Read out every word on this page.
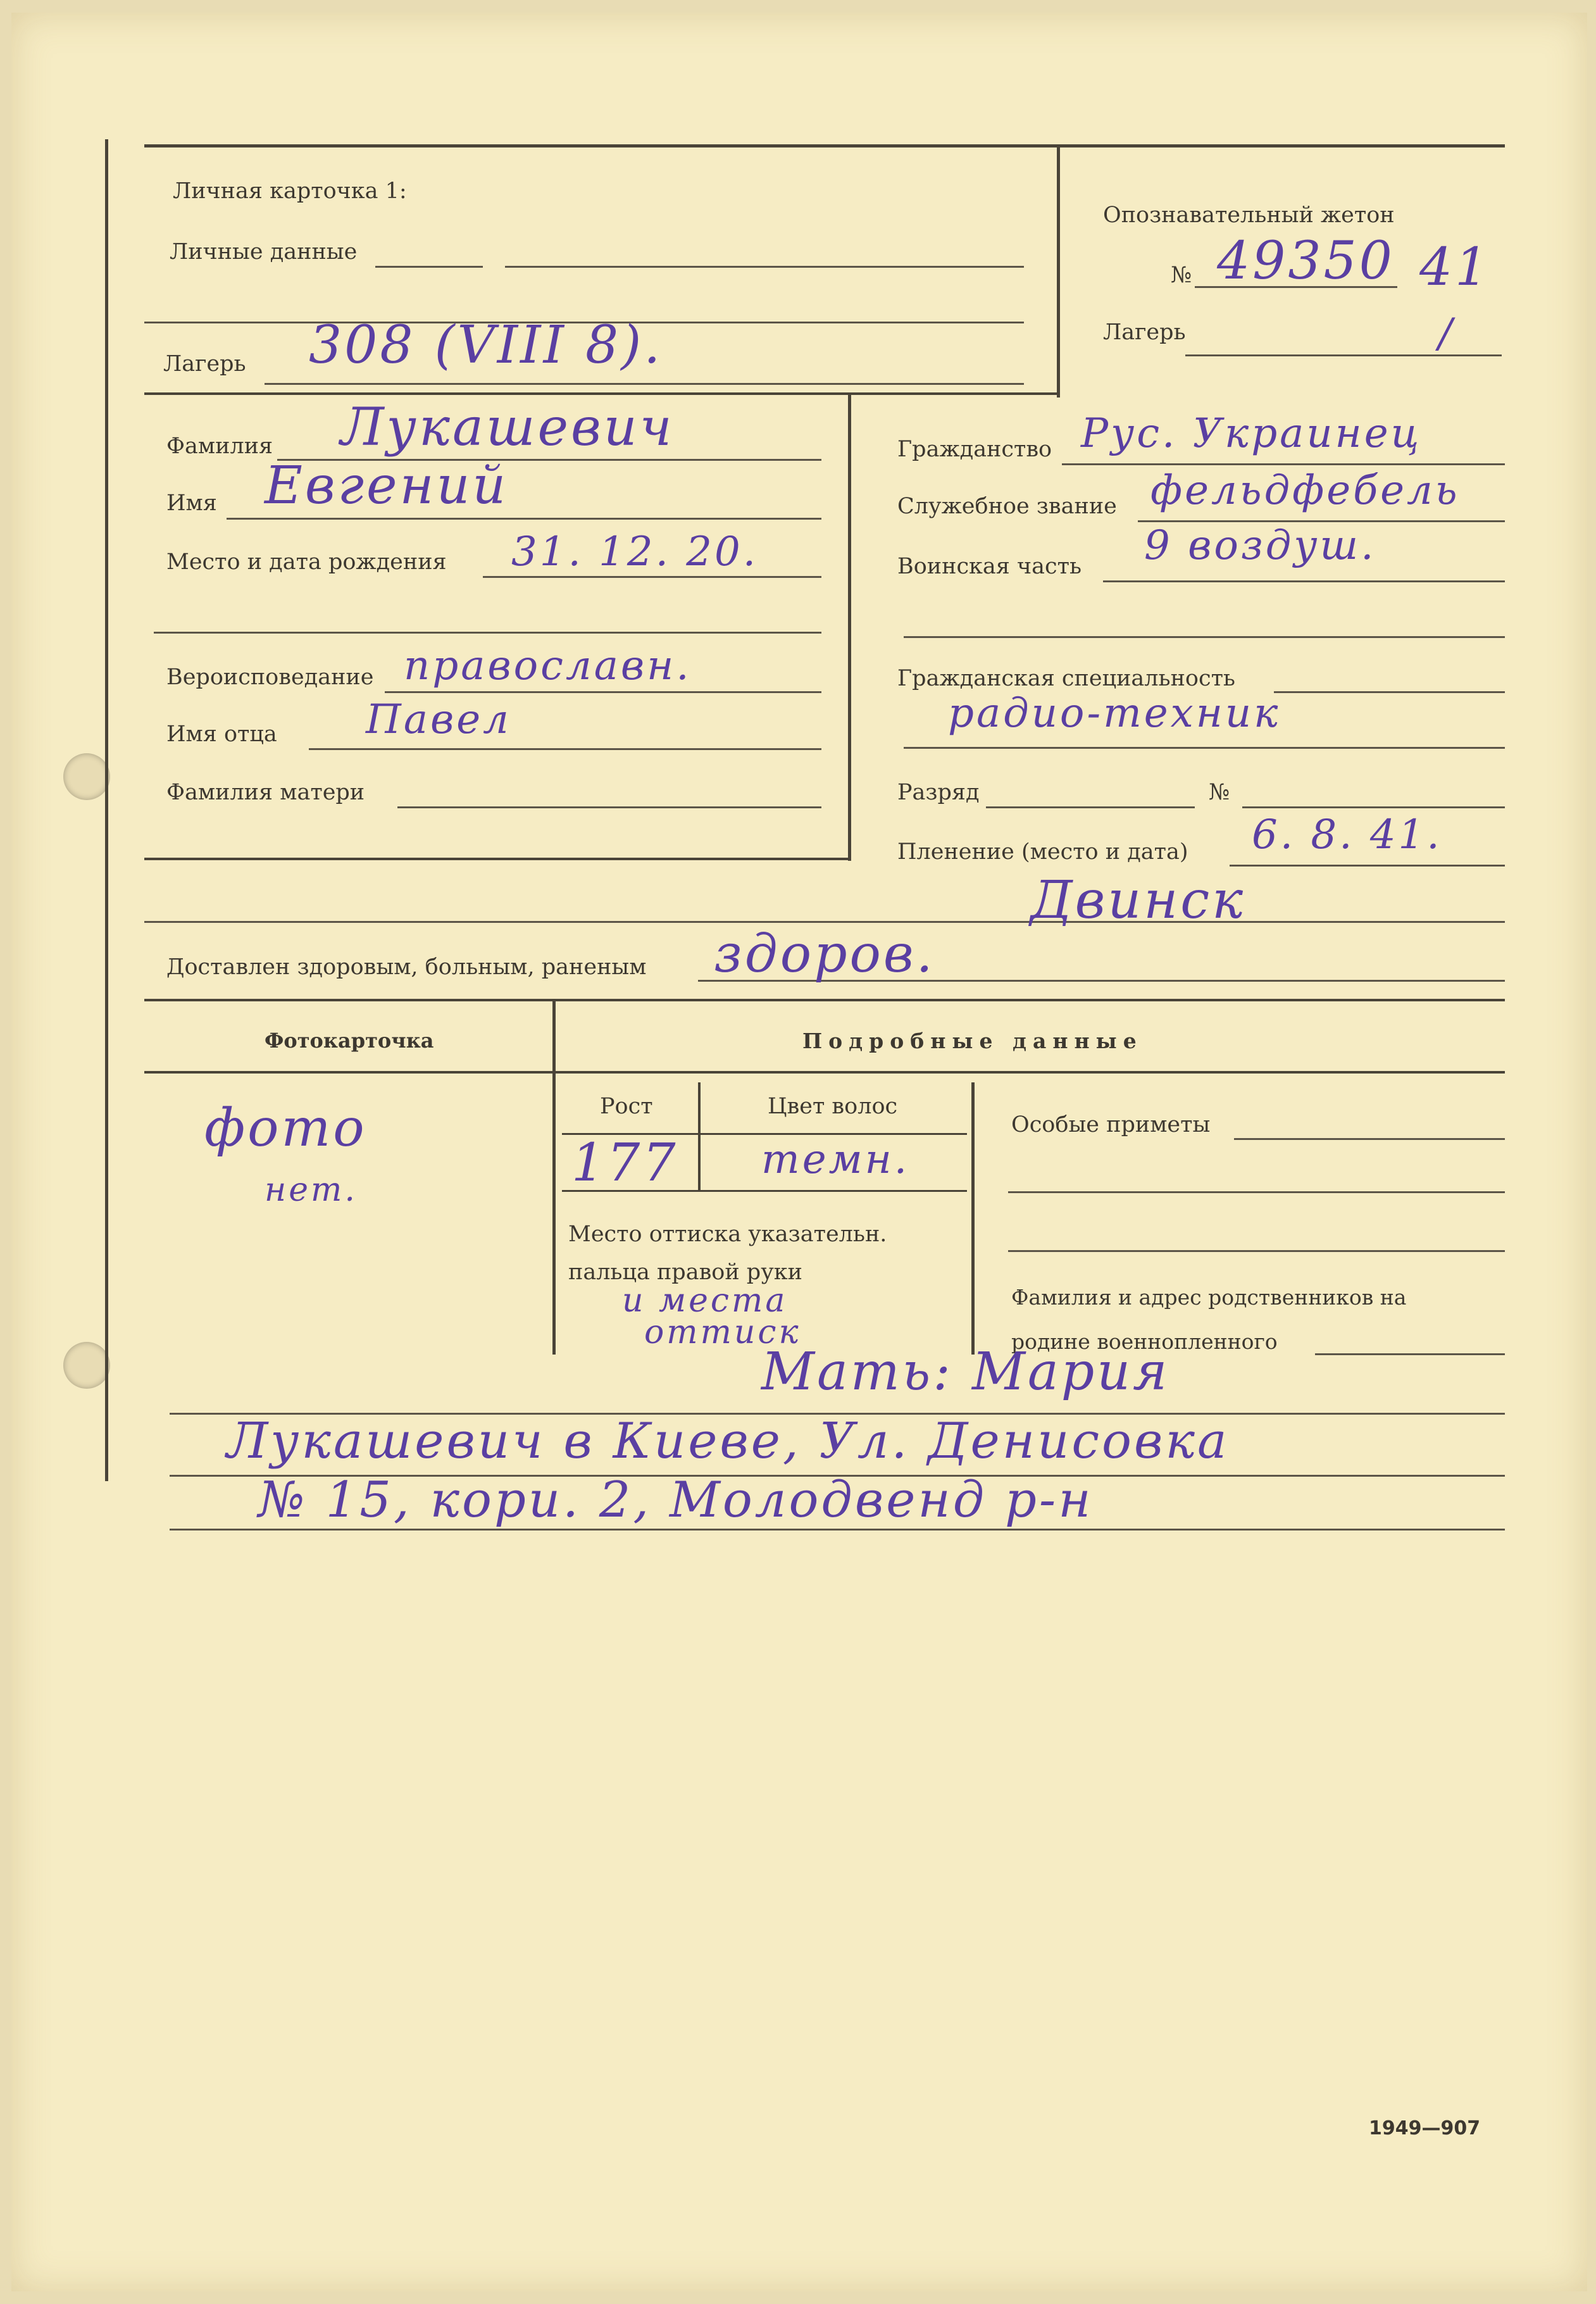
Личная карточка 1:
Личные данные
Лагерь 308 (VIII 8).
Опознавательный жетон
№ 49350 41
Лагерь	/
Фамилия Лукашевич
Имя Евгений
Место и дата рождения 31. 12. 20.
Вероисповедание православн.
Имя отца Павел
Фамилия матери
Гражданство Рус. Украинец
Служебное звание фельдфебель
Воинская часть 9 воздуш.
Гражданская специальность
радио-техник
Разряд	№
Пленение (место и дата) 6. 8. 41.
Двинск
Доставлен здоровым, больным, раненым здоров.
Фотокарточка	Подробные данные
фото
нет.
Рост	Цвет волос
177 темн.
Место оттиска указательн.
пальца правой руки
и места
оттиск
Особые приметы
Фамилия и адрес родственников на
родине военнопленного
Мать: Мария
Лукашевич в Киеве, Ул. Денисовка
№ 15, кори. 2, Молодвенд р-н
1949—907
